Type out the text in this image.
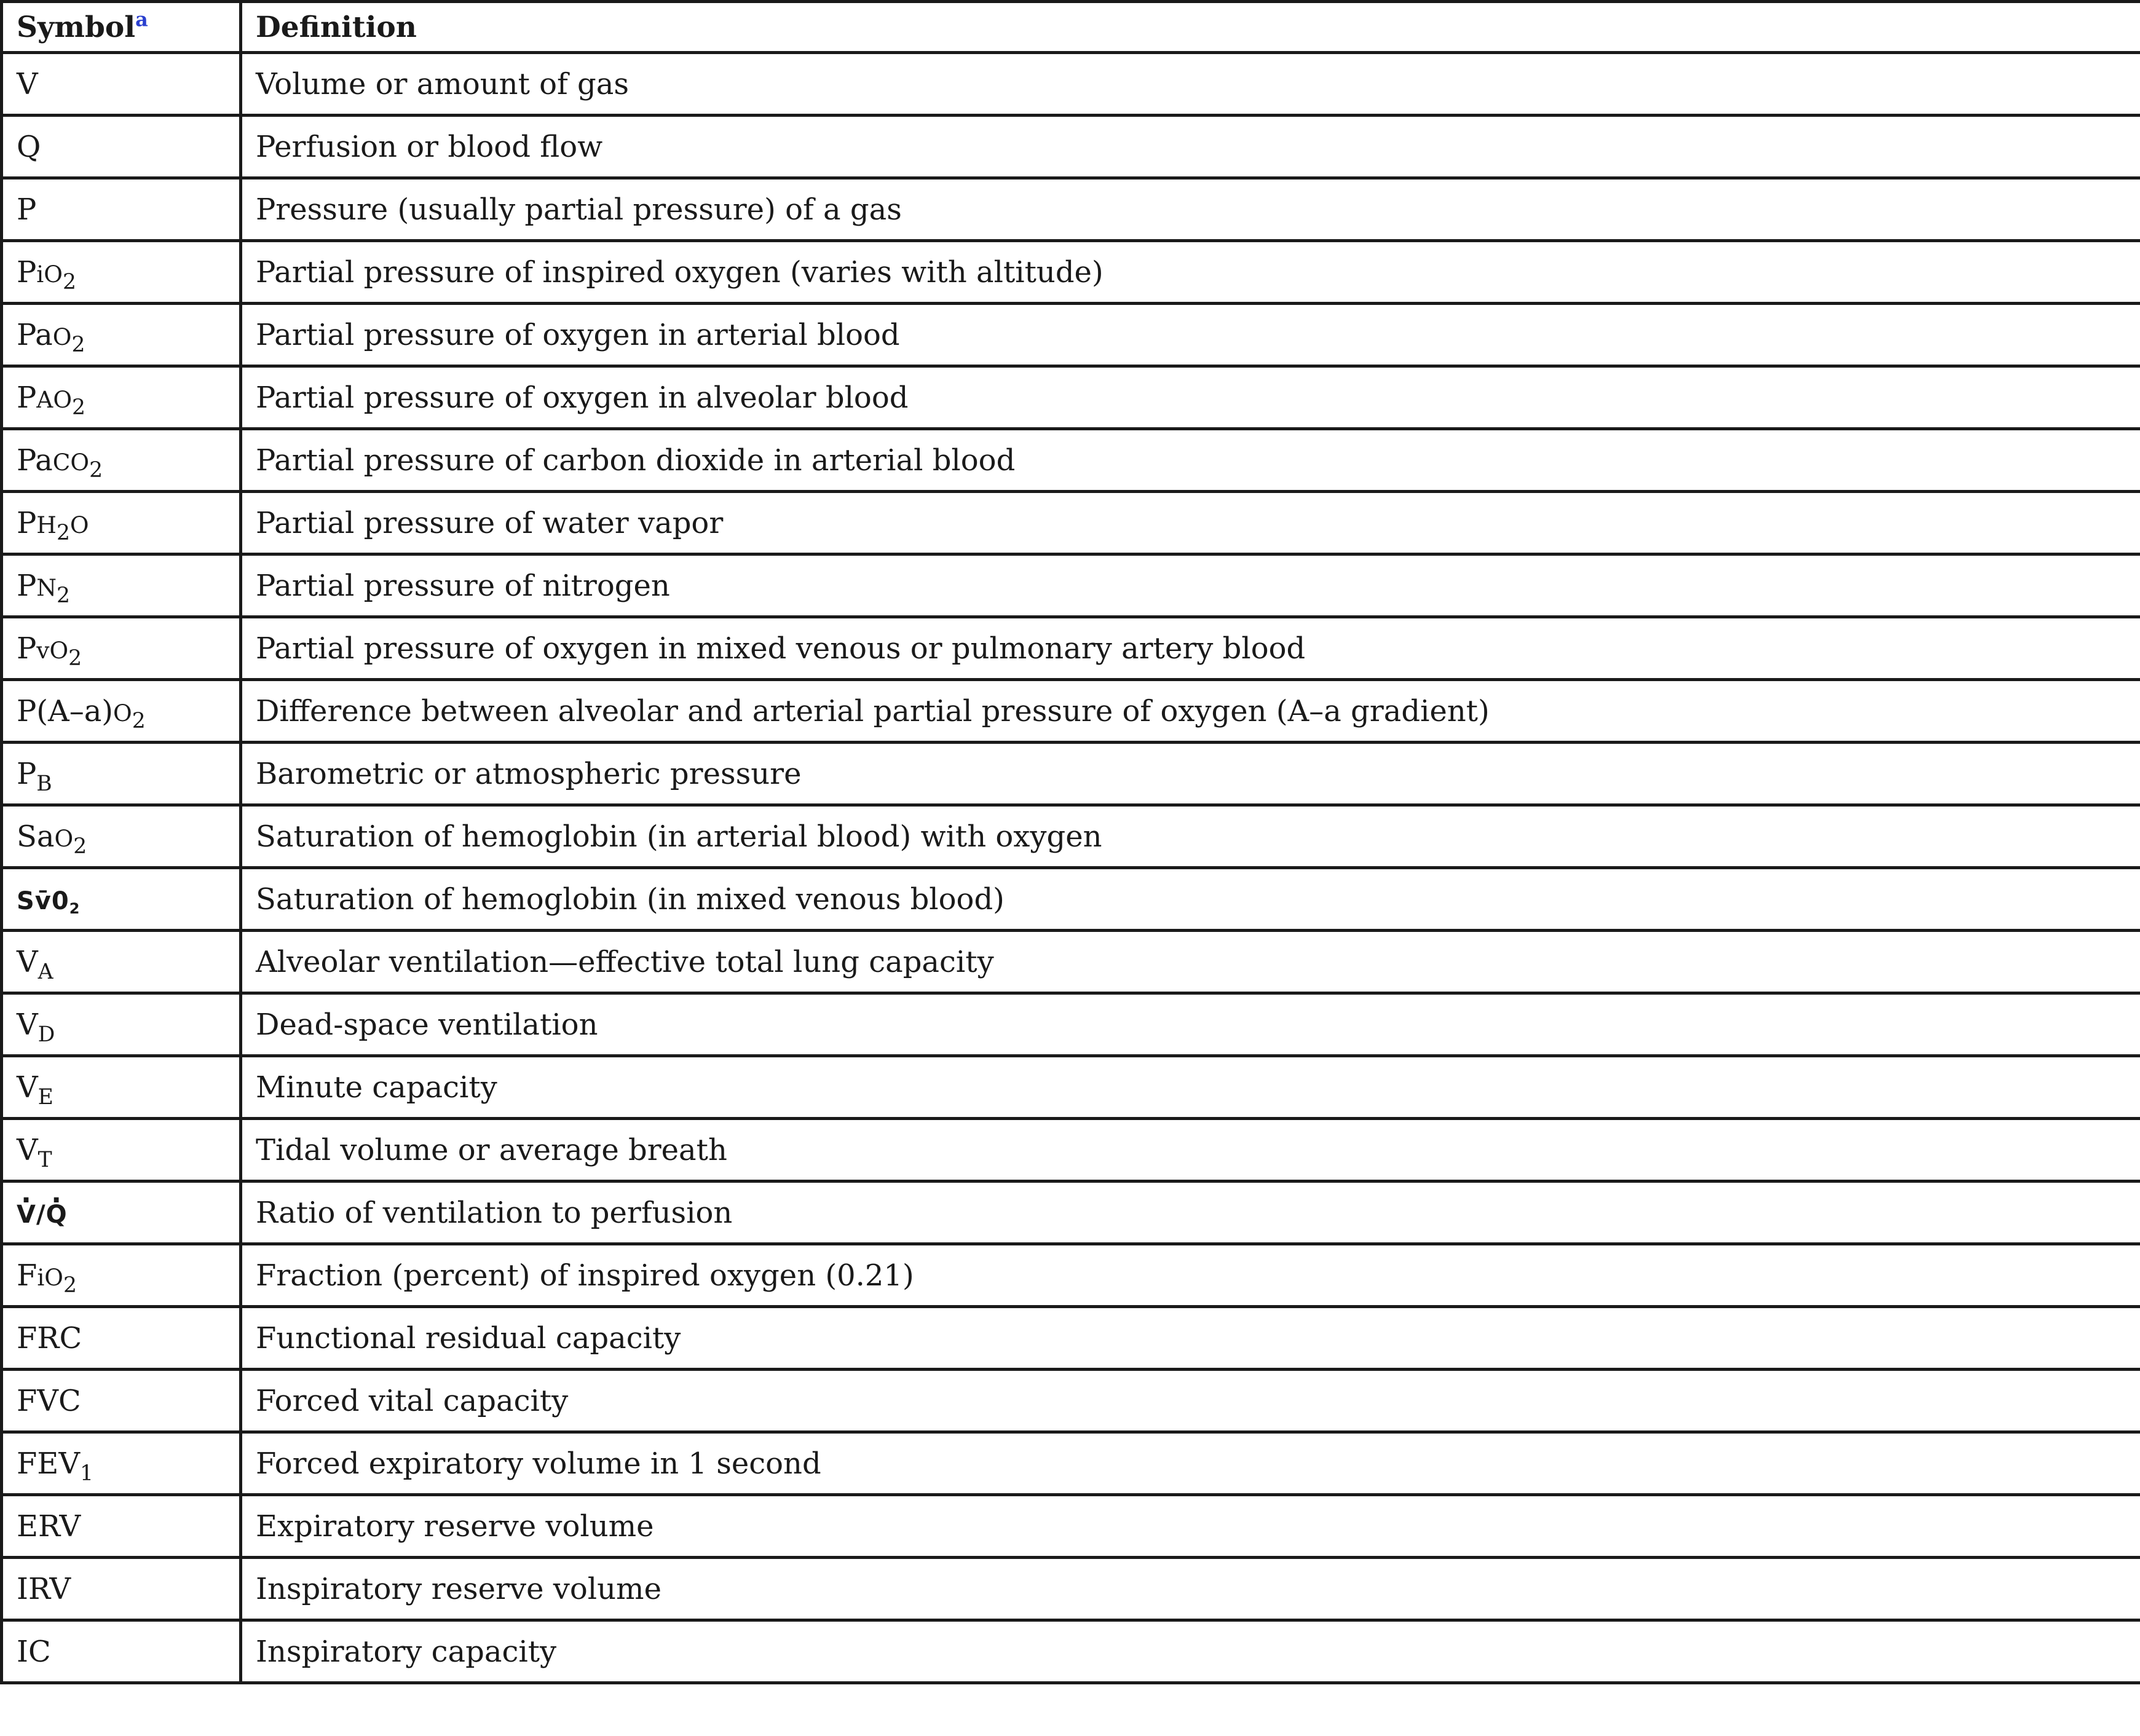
Symbol$^a$	Definition
V	Volume or amount of gas
Q	Perfusion or blood flow
P	Pressure (usually partial pressure) of a gas
PiO$_2$	Partial pressure of inspired oxygen (varies with altitude)
PaO$_2$	Partial pressure of oxygen in arterial blood
$PAO_2$	Partial pressure of oxygen in alveolar blood
PaCO$_2$	Partial pressure of carbon dioxide in arterial blood
$PH_2O$	Partial pressure of water vapor
$PN_2$	Partial pressure of nitrogen
PvO$_2$	Partial pressure of oxygen in mixed venous or pulmonary artery blood
$P(A-a)O_2$	Difference between alveolar and arterial partial pressure of oxygen (A–a gradient)
$P_B$	Barometric or atmospheric pressure
SaO$_2$	Saturation of hemoglobin (in arterial blood) with oxygen
$Sv̄0_2$	Saturation of hemoglobin (in mixed venous blood)
$V_A$	Alveolar ventilation—effective total lung capacity
$V_D$	Dead-space ventilation
$V_E$	Minute capacity
$V_T$	Tidal volume or average breath
· V/· Q	Ratio of ventilation to perfusion
FiO$_2$	Fraction (percent) of inspired oxygen (0.21)
FRC	Functional residual capacity
FVC	Forced vital capacity
$FEV_1$	Forced expiratory volume in 1 second
ERV	Expiratory reserve volume
IRV	Inspiratory reserve volume
IC	Inspiratory capacity
